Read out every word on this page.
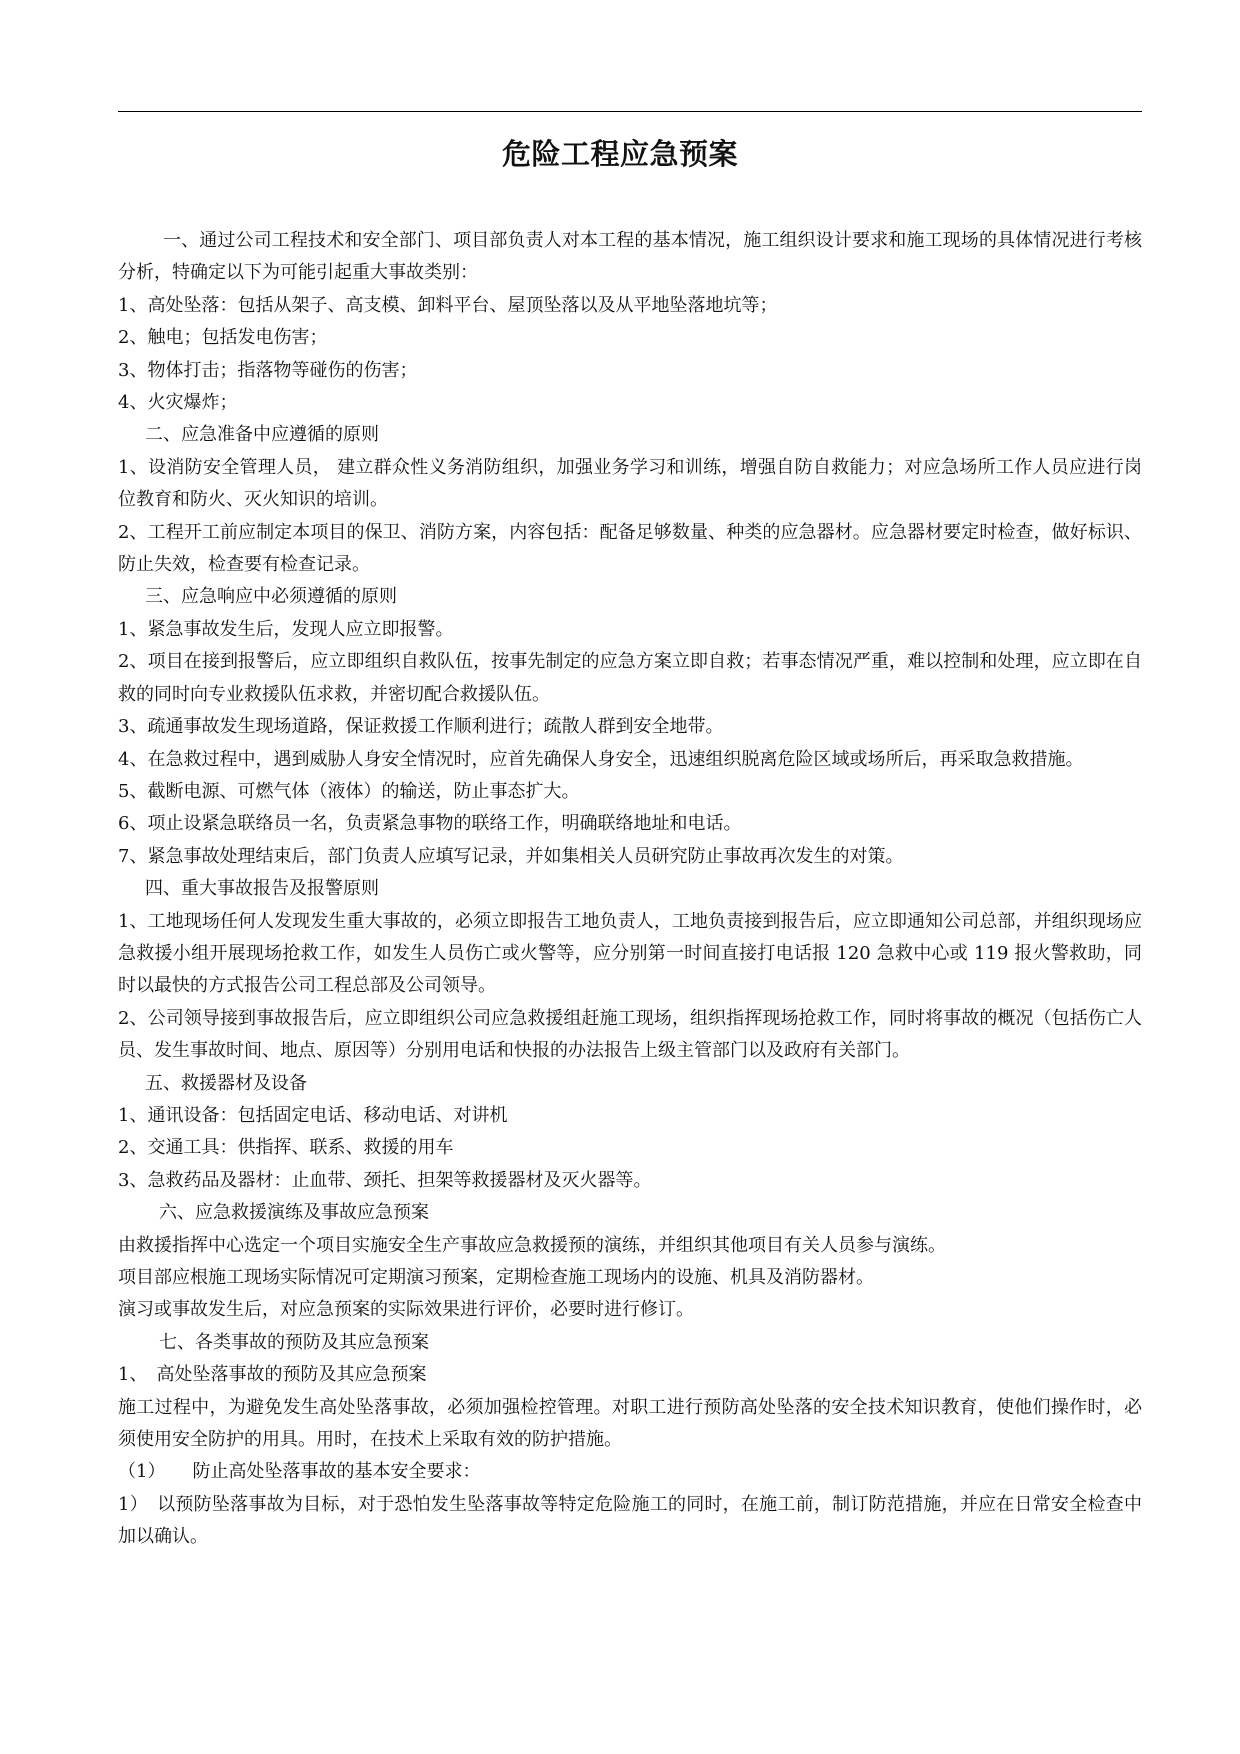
危险工程应急预案

一、通过公司工程技术和安全部门、项目部负责人对本工程的基本情况，施工组织设计要求和施工现场的具体情况进行考核分析，特确定以下为可能引起重大事故类别：

1、高处坠落：包括从架子、高支模、卸料平台、屋顶坠落以及从平地坠落地坑等；

2、触电；包括发电伤害；

3、物体打击；指落物等碰伤的伤害；

4、火灾爆炸；

二、应急准备中应遵循的原则

1、设消防安全管理人员， 建立群众性义务消防组织，加强业务学习和训练，增强自防自救能力；对应急场所工作人员应进行岗位教育和防火、灭火知识的培训。

2、工程开工前应制定本项目的保卫、消防方案，内容包括：配备足够数量、种类的应急器材。应急器材要定时检查，做好标识、防止失效，检查要有检查记录。

三、应急响应中必须遵循的原则

1、紧急事故发生后，发现人应立即报警。

2、项目在接到报警后，应立即组织自救队伍，按事先制定的应急方案立即自救；若事态情况严重，难以控制和处理，应立即在自救的同时向专业救援队伍求救，并密切配合救援队伍。

3、疏通事故发生现场道路，保证救援工作顺利进行；疏散人群到安全地带。

4、在急救过程中，遇到威胁人身安全情况时，应首先确保人身安全，迅速组织脱离危险区域或场所后，再采取急救措施。

5、截断电源、可燃气体（液体）的输送，防止事态扩大。

6、项止设紧急联络员一名，负责紧急事物的联络工作，明确联络地址和电话。

7、紧急事故处理结束后，部门负责人应填写记录，并如集相关人员研究防止事故再次发生的对策。

四、重大事故报告及报警原则

1、工地现场任何人发现发生重大事故的，必须立即报告工地负责人，工地负责接到报告后，应立即通知公司总部，并组织现场应急救援小组开展现场抢救工作，如发生人员伤亡或火警等，应分别第一时间直接打电话报 120 急救中心或 119 报火警救助，同时以最快的方式报告公司工程总部及公司领导。

2、公司领导接到事故报告后，应立即组织公司应急救援组赶施工现场，组织指挥现场抢救工作，同时将事故的概况（包括伤亡人员、发生事故时间、地点、原因等）分别用电话和快报的办法报告上级主管部门以及政府有关部门。

五、救援器材及设备

1、通讯设备：包括固定电话、移动电话、对讲机

2、交通工具：供指挥、联系、救援的用车

3、急救药品及器材：止血带、颈托、担架等救援器材及灭火器等。

六、应急救援演练及事故应急预案

由救援指挥中心选定一个项目实施安全生产事故应急救援预的演练，并组织其他项目有关人员参与演练。

项目部应根施工现场实际情况可定期演习预案，定期检查施工现场内的设施、机具及消防器材。

演习或事故发生后，对应急预案的实际效果进行评价，必要时进行修订。

七、各类事故的预防及其应急预案

1、　高处坠落事故的预防及其应急预案

施工过程中，为避免发生高处坠落事故，必须加强检控管理。对职工进行预防高处坠落的安全技术知识教育，使他们操作时，必须使用安全防护的用具。用时，在技术上采取有效的防护措施。

（1）　　防止高处坠落事故的基本安全要求：

1）　以预防坠落事故为目标，对于恐怕发生坠落事故等特定危险施工的同时，在施工前，制订防范措施，并应在日常安全检查中加以确认。
